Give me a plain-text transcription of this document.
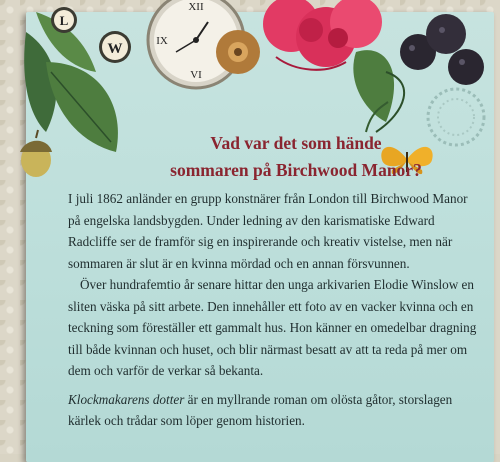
L
W
XII
VI
IX
Vad var det som hände
sommaren på Birchwood Manor?

I juli 1862 anländer en grupp konstnärer från London till Birchwood Manor på engelska landsbygden. Under ledning av den karismatiske Edward Radcliffe ser de framför sig en inspirerande och kreativ vistelse, men när sommaren är slut är en kvinna mördad och en annan försvunnen.

Över hundrafemtio år senare hittar den unga arkivarien Elodie Winslow en sliten väska på sitt arbete. Den innehåller ett foto av en vacker kvinna och en teckning som föreställer ett gammalt hus. Hon känner en omedelbar dragning till både kvinnan och huset, och blir närmast besatt av att ta reda på mer om dem och varför de verkar så bekanta.

Klockmakarens dotter är en myllrande roman om olösta gåtor, storslagen kärlek och trådar som löper genom historien.
